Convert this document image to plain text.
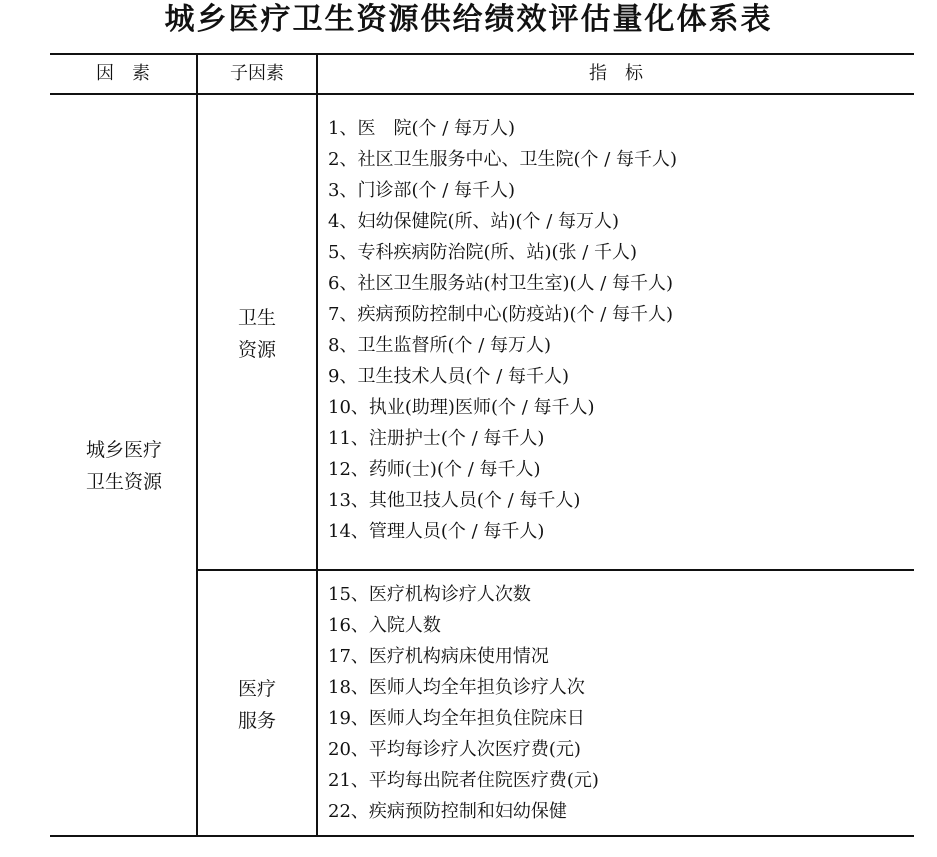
城乡医疗卫生资源供给绩效评估量化体系表
因　素	子因素	指　标
城乡医疗
卫生资源
卫生
资源
医疗
服务
1、医　院(个 / 每万人)
2、社区卫生服务中心、卫生院(个 / 每千人)
3、门诊部(个 / 每千人)
4、妇幼保健院(所、站)(个 / 每万人)
5、专科疾病防治院(所、站)(张 / 千人)
6、社区卫生服务站(村卫生室)(人 / 每千人)
7、疾病预防控制中心(防疫站)(个 / 每千人)
8、卫生监督所(个 / 每万人)
9、卫生技术人员(个 / 每千人)
10、执业(助理)医师(个 / 每千人)
11、注册护士(个 / 每千人)
12、药师(士)(个 / 每千人)
13、其他卫技人员(个 / 每千人)
14、管理人员(个 / 每千人)
15、医疗机构诊疗人次数
16、入院人数
17、医疗机构病床使用情况
18、医师人均全年担负诊疗人次
19、医师人均全年担负住院床日
20、平均每诊疗人次医疗费(元)
21、平均每出院者住院医疗费(元)
22、疾病预防控制和妇幼保健
